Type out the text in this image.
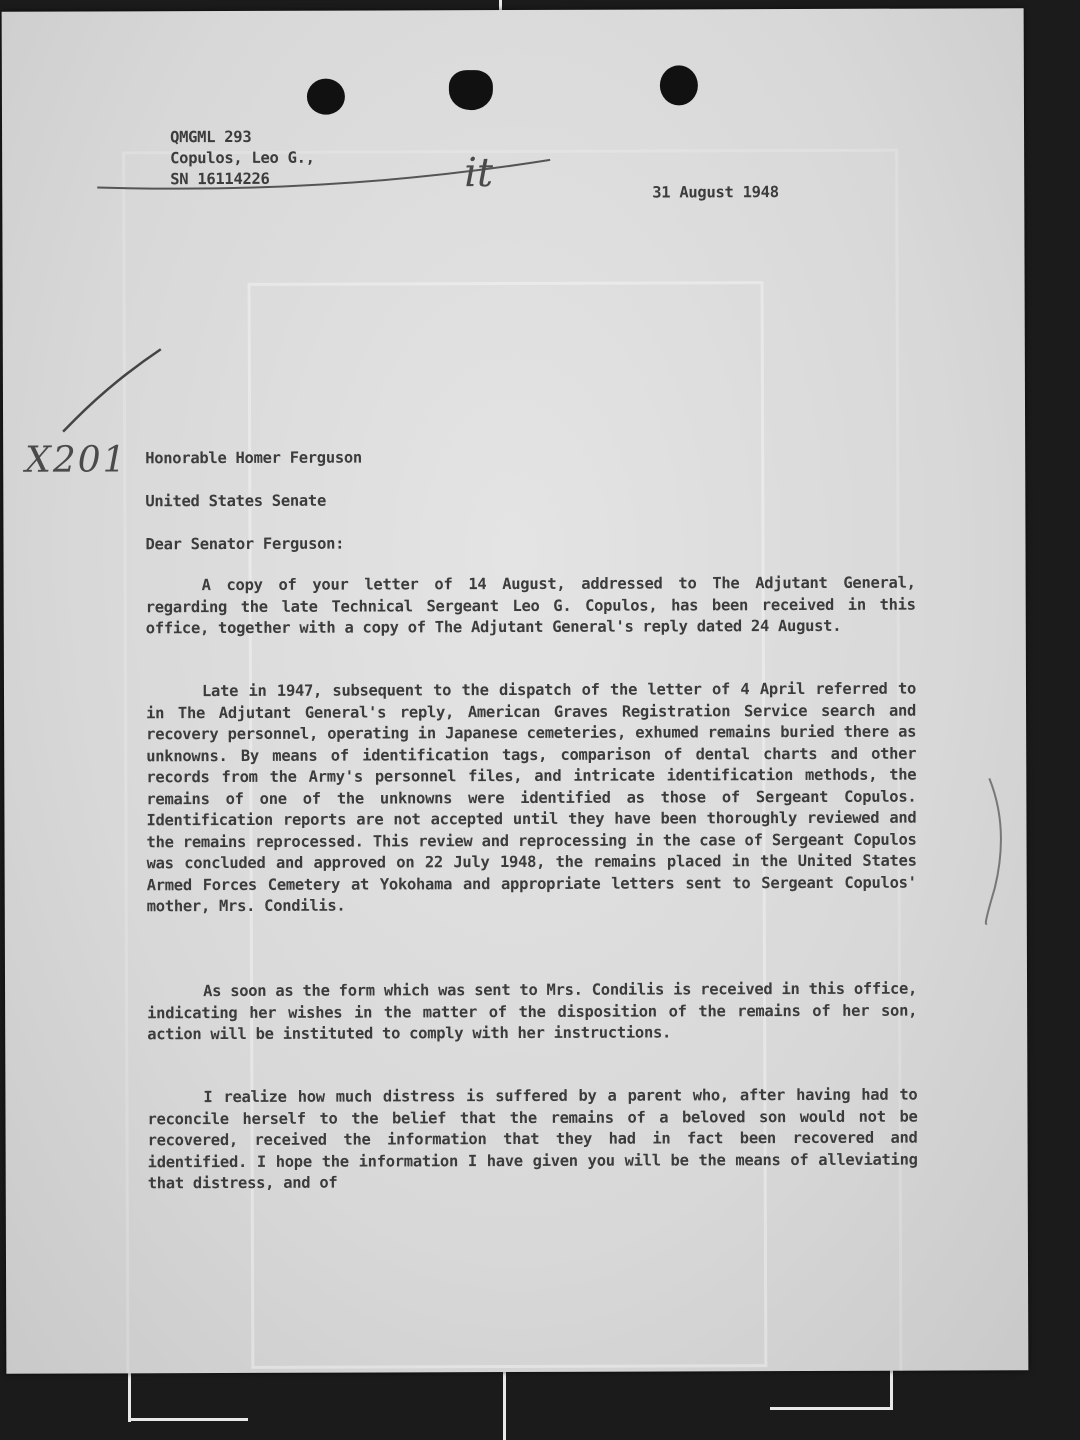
it
X201
QMGML 293
Copulos, Leo G.,
SN 16114226
31 August 1948
Honorable Homer Ferguson
United States Senate
Dear Senator Ferguson:
A copy of your letter of 14 August, addressed to The Adjutant General, regarding the late Technical Sergeant Leo G. Copulos, has been received in this office, together with a copy of The Adjutant General's reply dated 24 August.
Late in 1947, subsequent to the dispatch of the letter of 4 April referred to in The Adjutant General's reply, American Graves Registration Service search and recovery personnel, operating in Japanese cemeteries, exhumed remains buried there as unknowns. By means of identification tags, comparison of dental charts and other records from the Army's personnel files, and intricate identification methods, the remains of one of the unknowns were identified as those of Sergeant Copulos. Identification reports are not accepted until they have been thoroughly reviewed and the remains reprocessed. This review and reprocessing in the case of Sergeant Copulos was concluded and approved on 22 July 1948, the remains placed in the United States Armed Forces Cemetery at Yokohama and appropriate letters sent to Sergeant Copulos' mother, Mrs. Condilis.
As soon as the form which was sent to Mrs. Condilis is received in this office, indicating her wishes in the matter of the disposition of the remains of her son, action will be instituted to comply with her instructions.
I realize how much distress is suffered by a parent who, after having had to reconcile herself to the belief that the remains of a beloved son would not be recovered, received the information that they had in fact been recovered and identified. I hope the information I have given you will be the means of alleviating that distress, and of
